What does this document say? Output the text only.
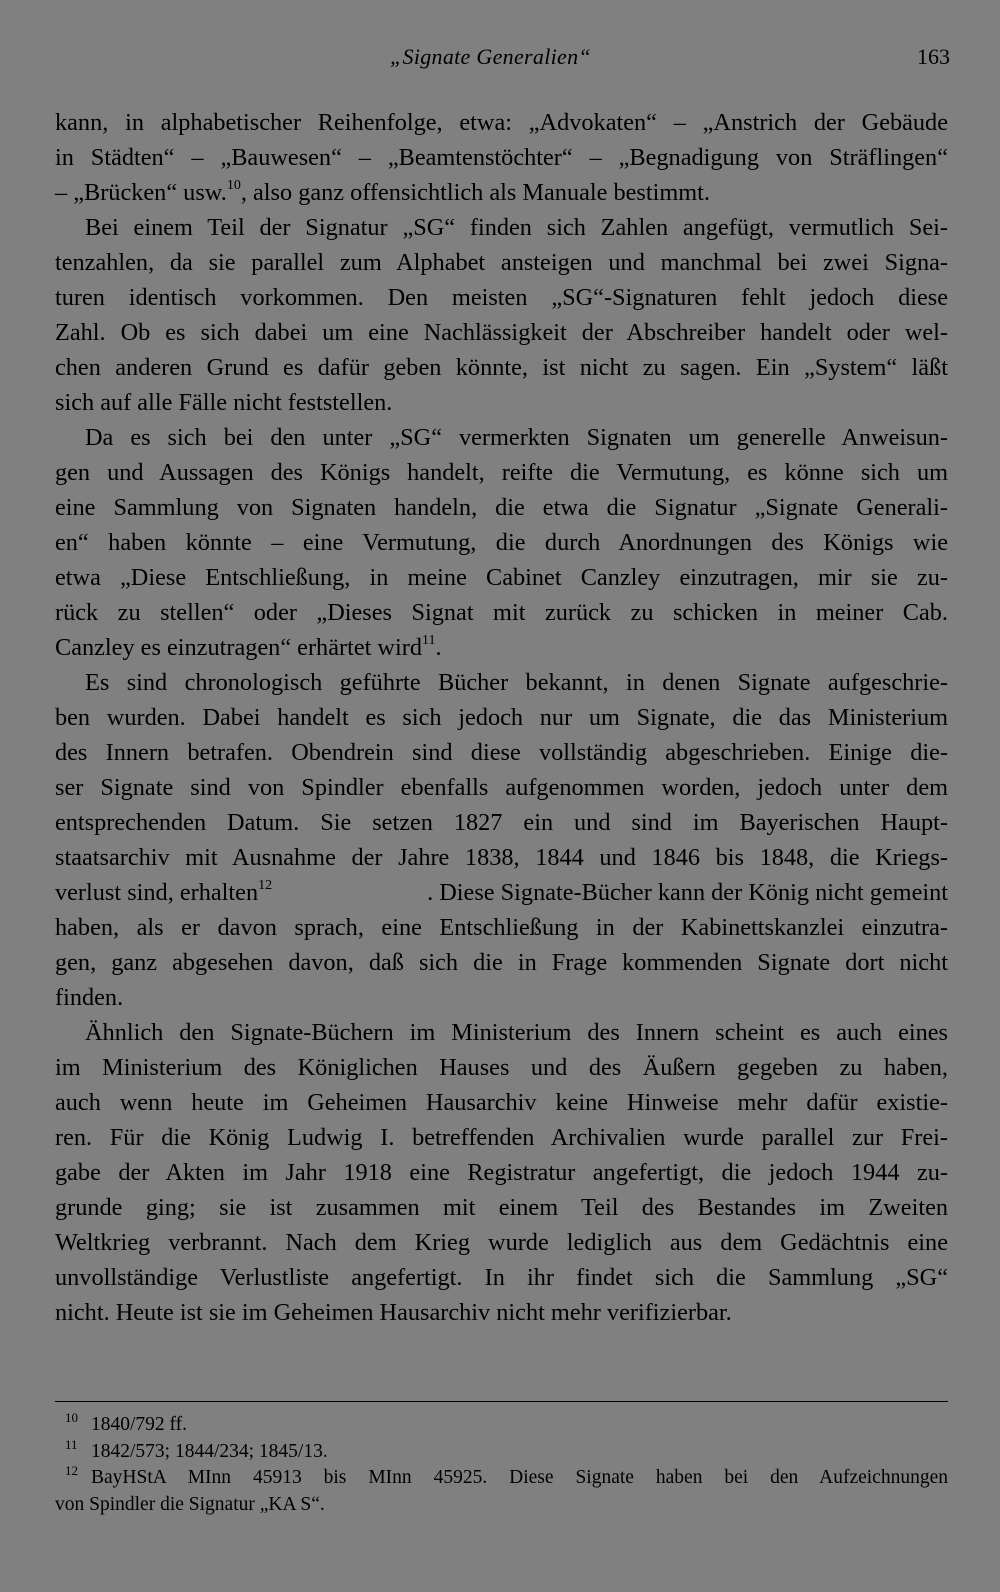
„Signate Generalien“	163
kann, in alphabetischer Reihenfolge, etwa: „Advokaten“ – „Anstrich der Gebäude
in Städten“ – „Bauwesen“ – „Beamtenstöchter“ – „Begnadigung von Sträflingen“
– „Brücken“ usw.$^{10}$, also ganz offensichtlich als Manuale bestimmt.
Bei einem Teil der Signatur „SG“ finden sich Zahlen angefügt, vermutlich Sei-
tenzahlen, da sie parallel zum Alphabet ansteigen und manchmal bei zwei Signa-
turen identisch vorkommen. Den meisten „SG“-Signaturen fehlt jedoch diese
Zahl. Ob es sich dabei um eine Nachlässigkeit der Abschreiber handelt oder wel-
chen anderen Grund es dafür geben könnte, ist nicht zu sagen. Ein „System“ läßt
sich auf alle Fälle nicht feststellen.
Da es sich bei den unter „SG“ vermerkten Signaten um generelle Anweisun-
gen und Aussagen des Königs handelt, reifte die Vermutung, es könne sich um
eine Sammlung von Signaten handeln, die etwa die Signatur „Signate Generali-
en“ haben könnte – eine Vermutung, die durch Anordnungen des Königs wie
etwa „Diese Entschließung, in meine Cabinet Canzley einzutragen, mir sie zu-
rück zu stellen“ oder „Dieses Signat mit zurück zu schicken in meiner Cab.
Canzley es einzutragen“ erhärtet wird$^{11}$.
Es sind chronologisch geführte Bücher bekannt, in denen Signate aufgeschrie-
ben wurden. Dabei handelt es sich jedoch nur um Signate, die das Ministerium
des Innern betrafen. Obendrein sind diese vollständig abgeschrieben. Einige die-
ser Signate sind von Spindler ebenfalls aufgenommen worden, jedoch unter dem
entsprechenden Datum. Sie setzen 1827 ein und sind im Bayerischen Haupt-
staatsarchiv mit Ausnahme der Jahre 1838, 1844 und 1846 bis 1848, die Kriegs-
verlust sind, erhalten$^{12}$	. Diese Signate-Bücher kann der König nicht gemeint
haben, als er davon sprach, eine Entschließung in der Kabinettskanzlei einzutra-
gen, ganz abgesehen davon, daß sich die in Frage kommenden Signate dort nicht
finden.
Ähnlich den Signate-Büchern im Ministerium des Innern scheint es auch eines
im Ministerium des Königlichen Hauses und des Äußern gegeben zu haben,
auch wenn heute im Geheimen Hausarchiv keine Hinweise mehr dafür existie-
ren. Für die König Ludwig I. betreffenden Archivalien wurde parallel zur Frei-
gabe der Akten im Jahr 1918 eine Registratur angefertigt, die jedoch 1944 zu-
grunde ging; sie ist zusammen mit einem Teil des Bestandes im Zweiten
Weltkrieg verbrannt. Nach dem Krieg wurde lediglich aus dem Gedächtnis eine
unvollständige Verlustliste angefertigt. In ihr findet sich die Sammlung „SG“
nicht. Heute ist sie im Geheimen Hausarchiv nicht mehr verifizierbar.
10 1840/792 ff.
11 1842/573; 1844/234; 1845/13.
12 BayHStA MInn 45913 bis MInn 45925. Diese Signate haben bei den Aufzeichnungen
von Spindler die Signatur „KA S“.
